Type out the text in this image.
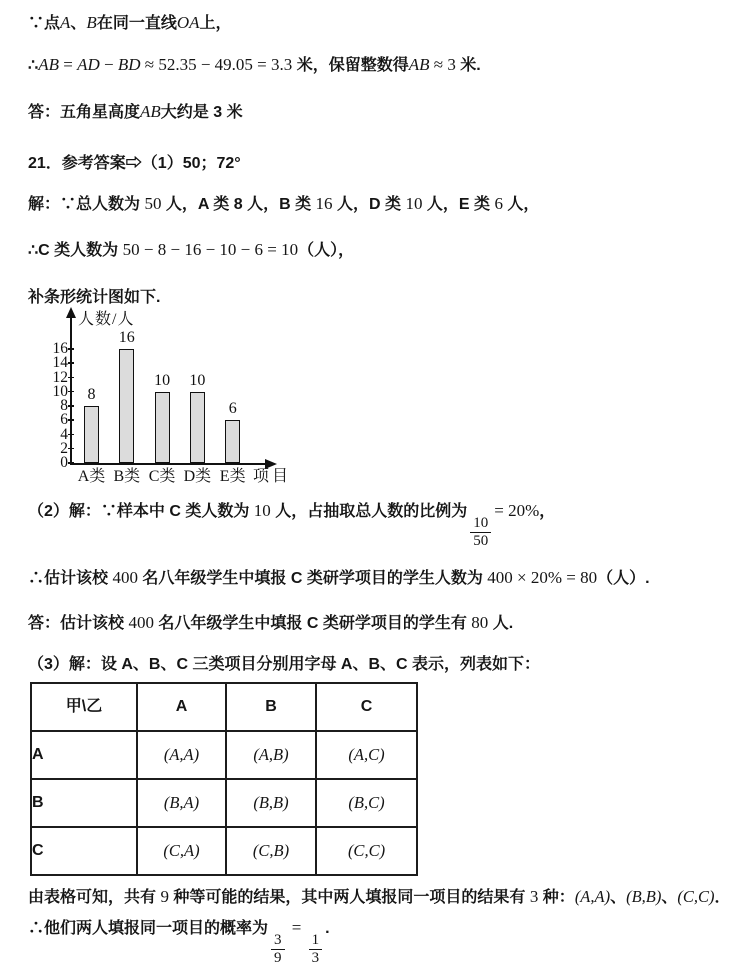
∵点A、B在同一直线OA上，

∴AB = AD − BD ≈ 52.35 − 49.05 = 3.3 米，保留整数得AB ≈ 3 米.

答：五角星高度AB大约是 3 米

21．参考答案⇨（1）50；72°

解：∵总人数为 50 人，A 类 8 人，B 类 16 人，D 类 10 人，E 类 6 人，

∴C 类人数为 50 − 8 − 16 − 10 − 6 = 10（人），

补条形统计图如下.

人数/人
项目
0
2
4
6
8
10
12
14
16
8
A类
16
B类
10
C类
10
D类
6
E类

（2）解：∵样本中 C 类人数为 10 人，占抽取总人数的比例为
$\frac{10}{50}$
= 20%，

∴估计该校 400 名八年级学生中填报 C 类研学项目的学生人数为 400 × 20% = 80（人）.

答：估计该校 400 名八年级学生中填报 C 类研学项目的学生有 80 人.

（3）解：设 A、B、C 三类项目分别用字母 A、B、C 表示，列表如下：

甲\乙	A	B	C
A	(A,A)	(A,B)	(A,C)
B	(B,A)	(B,B)	(B,C)
C	(C,A)	(C,B)	(C,C)

由表格可知，共有 9 种等可能的结果，其中两人填报同一项目的结果有 3 种：(A,A)、(B,B)、(C,C)．

∴他们两人填报同一项目的概率为
$\frac{3}{9}$
=
$\frac{1}{3}$
.
